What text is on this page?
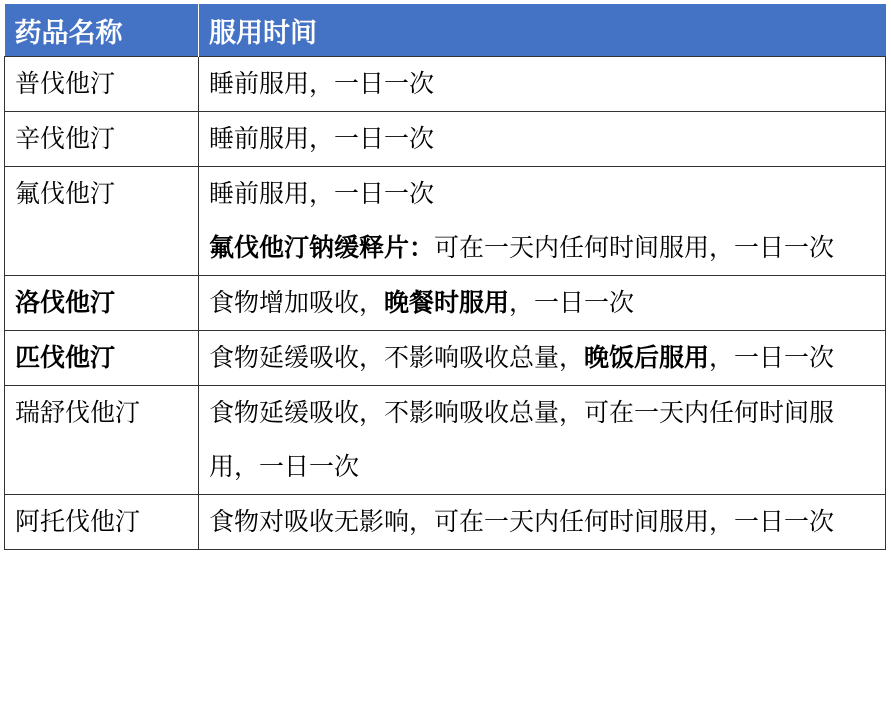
药品名称	服用时间
普伐他汀	睡前服用，一日一次
辛伐他汀	睡前服用，一日一次
氟伐他汀	睡前服用，一日一次
氟伐他汀钠缓释片：可在一天内任何时间服用，一日一次

洛伐他汀	食物增加吸收，晚餐时服用，一日一次
匹伐他汀	食物延缓吸收，不影响吸收总量，晚饭后服用，一日一次
瑞舒伐他汀	食物延缓吸收，不影响吸收总量，可在一天内任何时间服用，一日一次
阿托伐他汀	食物对吸收无影响，可在一天内任何时间服用，一日一次
